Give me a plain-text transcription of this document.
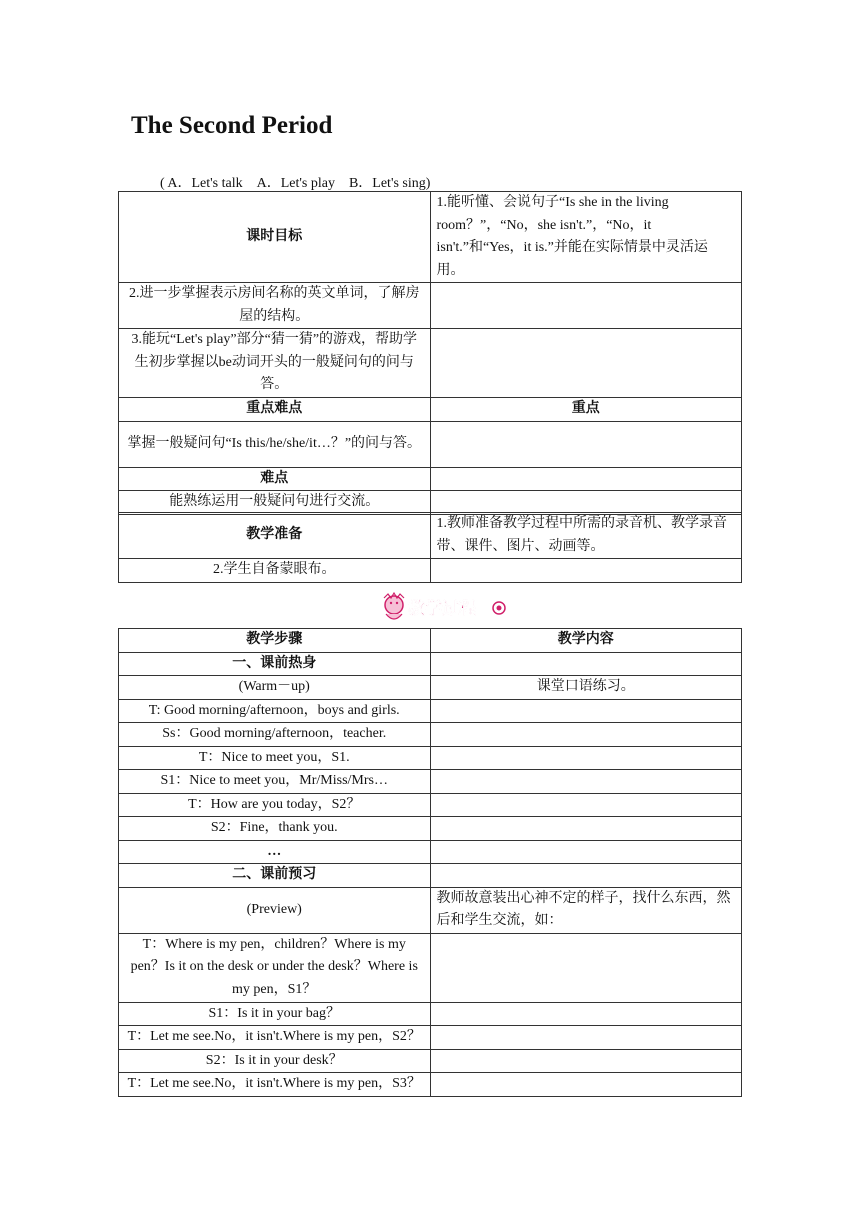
The Second Period
( A．Let's talk　A．Let's play　B．Let's sing)
课时目标	1.能听懂、会说句子“Is she in the living room？”，“No，she isn't.”，“No，it isn't.”和“Yes，it is.”并能在实际情景中灵活运用。
2.进一步掌握表示房间名称的英文单词，了解房屋的结构。	
3.能玩“Let's play”部分“猜一猜”的游戏，帮助学生初步掌握以be动词开头的一般疑问句的问与答。	
重点难点	重点
掌握一般疑问句“Is this/he/she/it…？”的问与答。	
难点	
能熟练运用一般疑问句进行交流。	
教学准备	1.教师准备教学过程中所需的录音机、教学录音带、课件、图片、动画等。
2.学生自备蒙眼布。	
教学过程
教学步骤	教学内容
一、课前热身	
(Warm－up)	课堂口语练习。
T: Good morning/afternoon，boys and girls.	
Ss：Good morning/afternoon，teacher.	
T：Nice to meet you，S1.	
S1：Nice to meet you，Mr/Miss/Mrs…	
T：How are you today，S2？	
S2：Fine，thank you.	
…	
二、课前预习	
(Preview)	教师故意装出心神不定的样子，找什么东西，然后和学生交流，如：
T：Where is my pen，children？Where is my pen？Is it on the desk or under the desk？Where is my pen，S1？	
S1：Is it in your bag？	
T：Let me see.No，it isn't.Where is my pen，S2？	
S2：Is it in your desk？	
T：Let me see.No，it isn't.Where is my pen，S3？	
